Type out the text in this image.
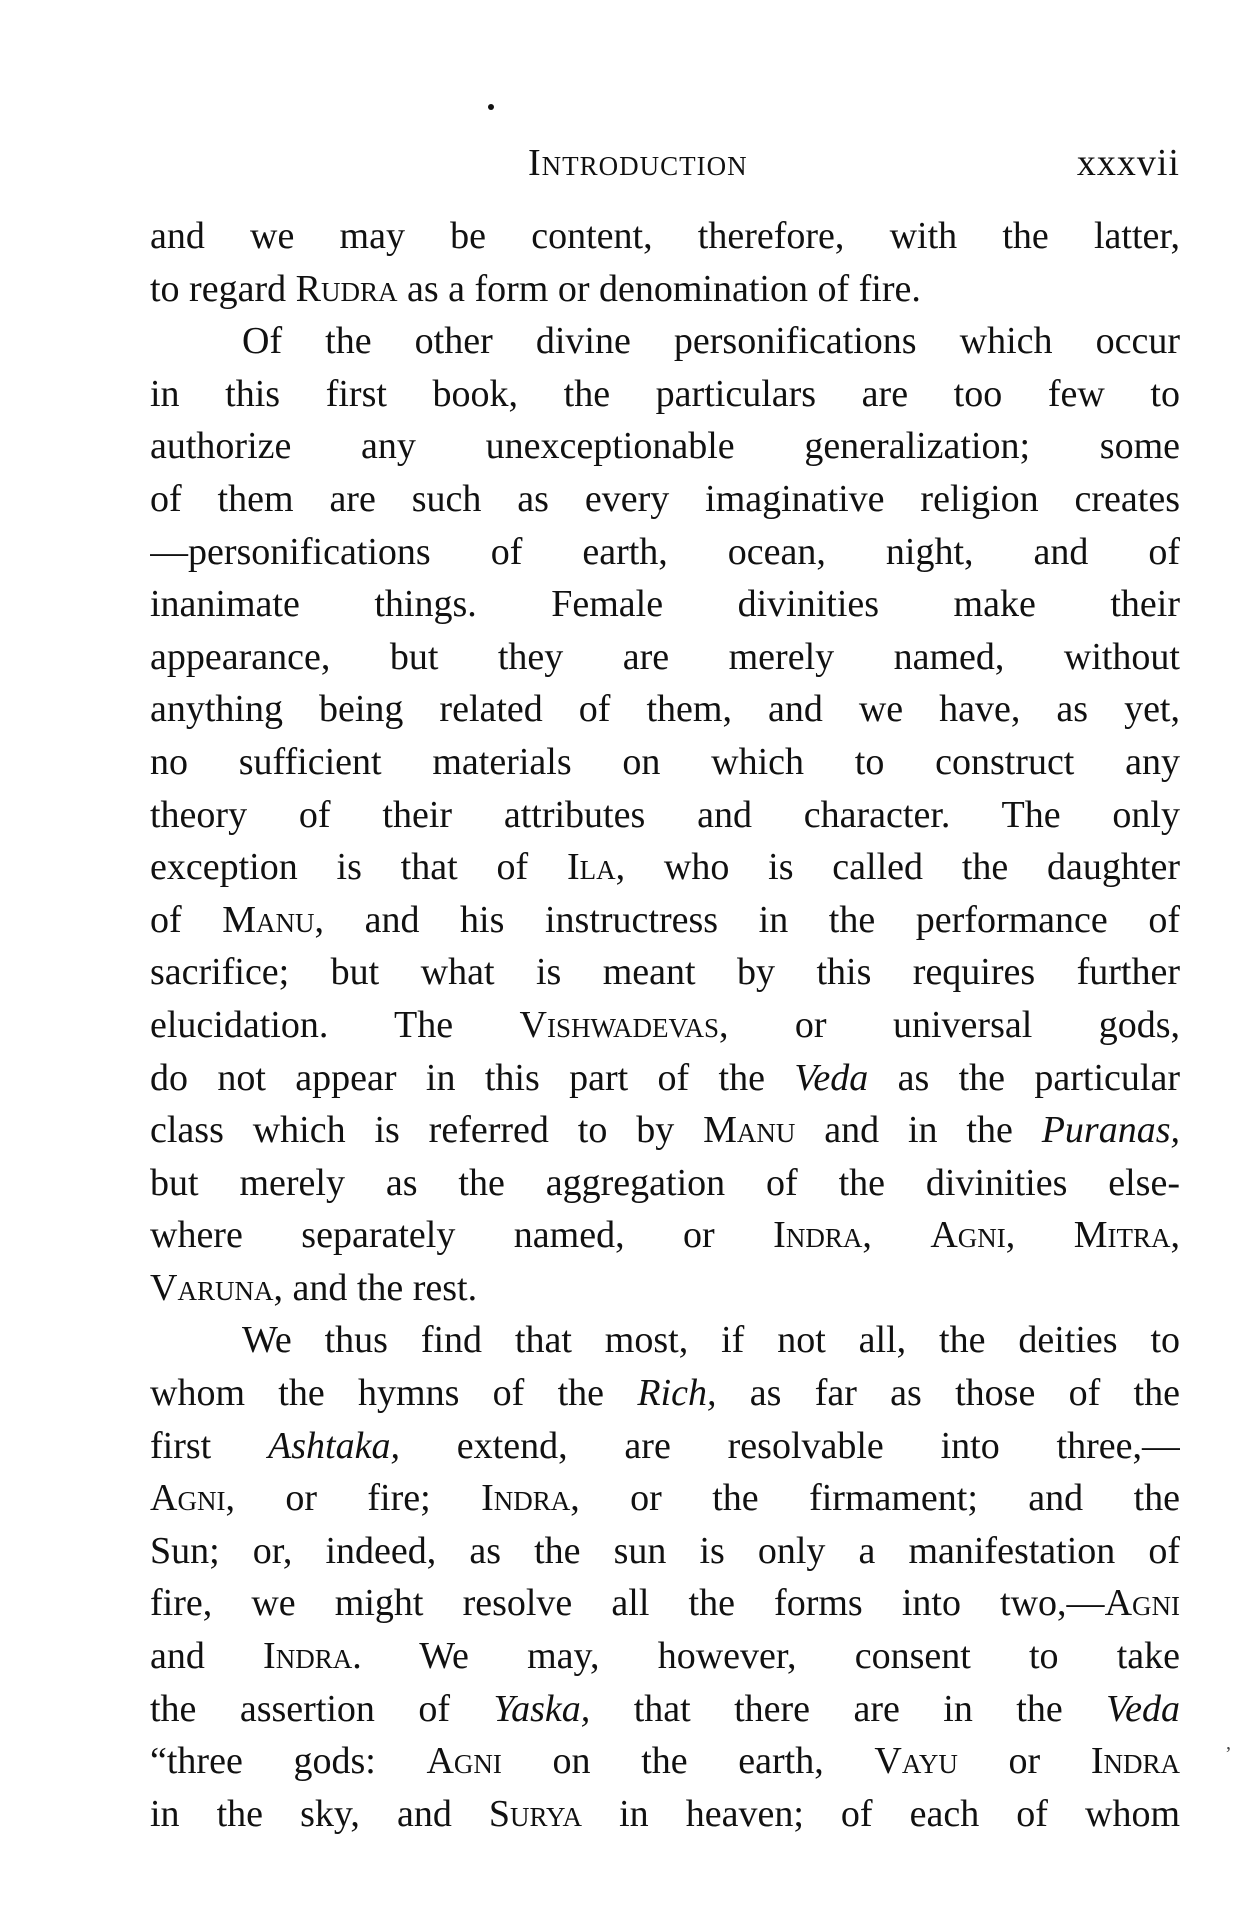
Introduction	xxxvii
and we may be content, therefore, with the latter,
to regard Rudra as a form or denomination of fire.
Of the other divine personifications which occur
in this first book, the particulars are too few to
authorize any unexceptionable generalization; some
of them are such as every imaginative religion creates
—personifications of earth, ocean, night, and of
inanimate things. Female divinities make their
appearance, but they are merely named, without
anything being related of them, and we have, as yet,
no sufficient materials on which to construct any
theory of their attributes and character. The only
exception is that of Ila, who is called the daughter
of Manu, and his instructress in the performance of
sacrifice; but what is meant by this requires further
elucidation. The Vishwadevas, or universal gods,
do not appear in this part of the Veda as the particular
class which is referred to by Manu and in the Puranas,
but merely as the aggregation of the divinities else-
where separately named, or Indra, Agni, Mitra,
Varuna, and the rest.
We thus find that most, if not all, the deities to
whom the hymns of the Rich, as far as those of the
first Ashtaka, extend, are resolvable into three,—
Agni, or fire; Indra, or the firmament; and the
Sun; or, indeed, as the sun is only a manifestation of
fire, we might resolve all the forms into two,—Agni
and Indra. We may, however, consent to take
the assertion of Yaska, that there are in the Veda
“three gods: Agni on the earth, Vayu or Indra
in the sky, and Surya in heaven; of each of whom
,
